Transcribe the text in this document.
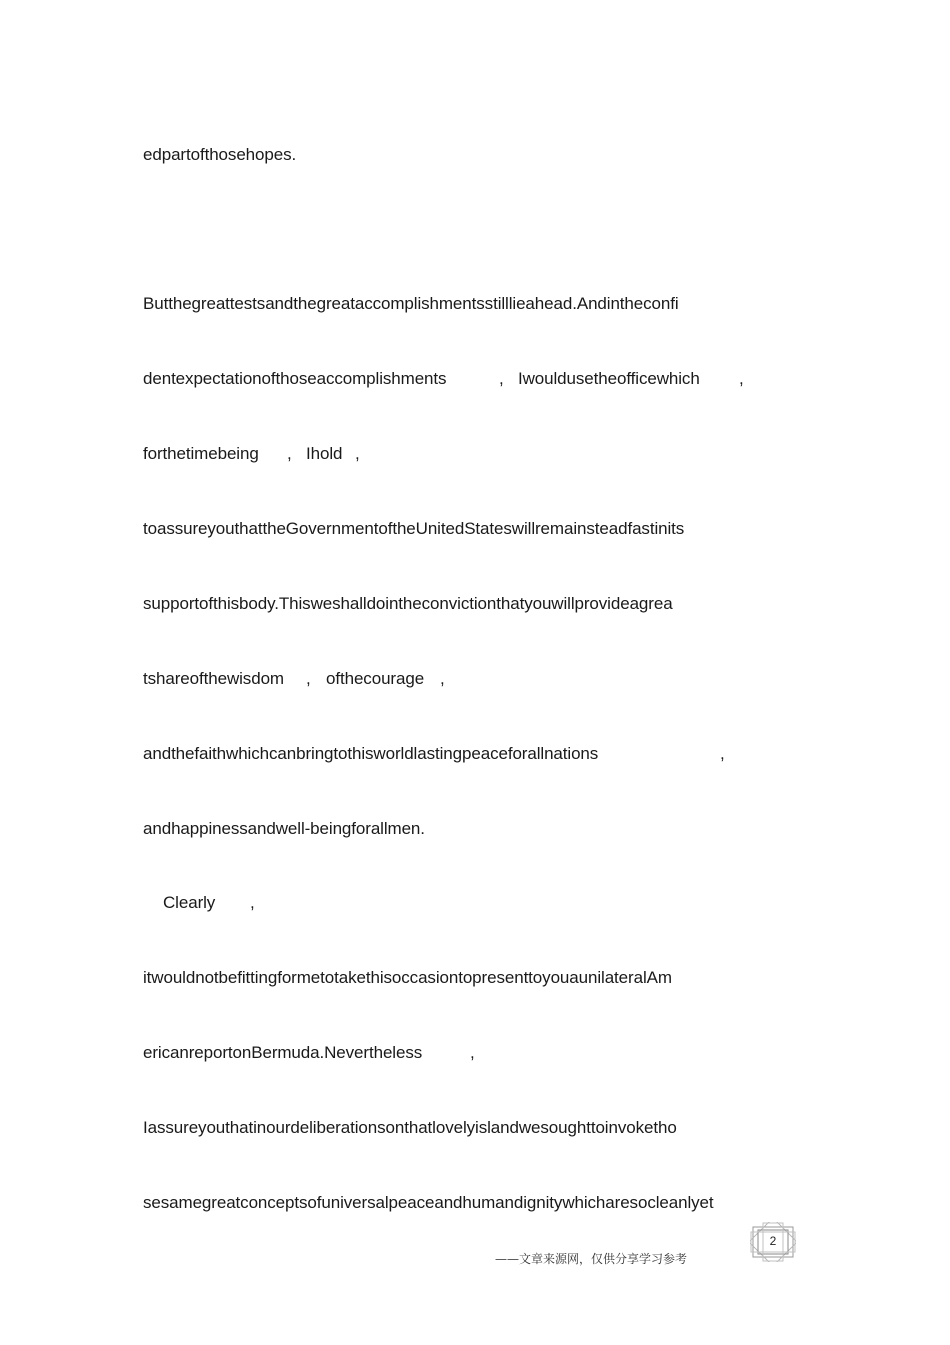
edpartofthosehopes.

Butthegreattestsandthegreataccomplishmentsstilllieahead.Andintheconfi

dentexpectationofthoseaccomplishments

	,

Iwouldusetheofficewhich

,

forthetimebeing

,

Ihold

,

toassureyouthattheGovernmentoftheUnitedStateswillremainsteadfastinits

supportofthisbody.Thisweshalldointheconvictionthatyouwillprovideagrea

tshareofthewisdom

,

ofthecourage

,

andthefaithwhichcanbringtothisworldlastingpeaceforallnations

	,

andhappinessandwell-beingforallmen.

Clearly

,

itwouldnotbefittingformetotakethisoccasiontopresenttoyouaunilateralAm

ericanreportonBermuda.Nevertheless

	,

Iassureyouthatinourdeliberationsonthatlovelyislandwesoughttoinvoketho

sesamegreatconceptsofuniversalpeaceandhumandignitywhicharesocleanlyet

2
——文章来源网，仅供分享学习参考
